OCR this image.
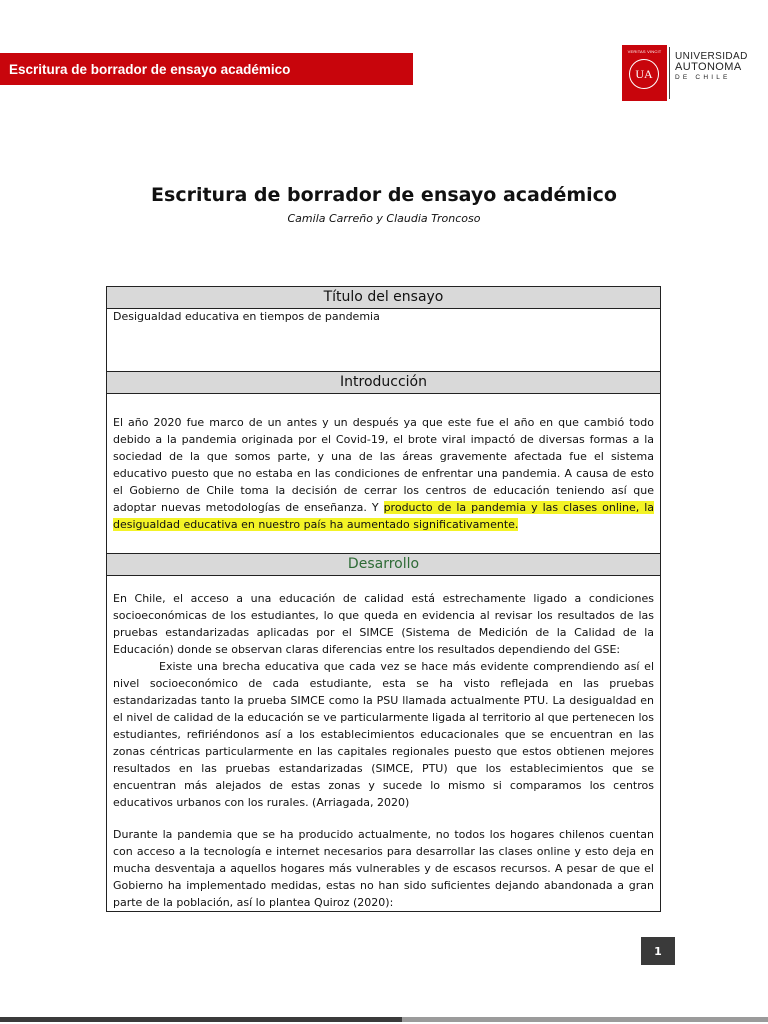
Escritura de borrador de ensayo académico
VERITAS VINCIT
UA
UNIVERSIDAD
AUTONOMA
DE CHILE
Escritura de borrador de ensayo académico
Camila Carreño y Claudia Troncoso
Título del ensayo
Desigualdad educativa en tiempos de pandemia
Introducción

El año 2020 fue marco de un antes y un después ya que este fue el año en que cambió todo debido a la pandemia originada por el Covid-19, el brote viral impactó de diversas formas a la sociedad de la que somos parte, y una de las áreas gravemente afectada fue el sistema educativo puesto que no estaba en las condiciones de enfrentar una pandemia. A causa de esto el Gobierno de Chile toma la decisión de cerrar los centros de educación teniendo así que adoptar nuevas metodologías de enseñanza. Y producto de la pandemia y las clases online, la desigualdad educativa en nuestro país ha aumentado significativamente.

Desarrollo

En Chile, el acceso a una educación de calidad está estrechamente ligado a condiciones socioeconómicas de los estudiantes, lo que queda en evidencia al revisar los resultados de las pruebas estandarizadas aplicadas por el SIMCE (Sistema de Medición de la Calidad de la Educación) donde se observan claras diferencias entre los resultados dependiendo del GSE:

Existe una brecha educativa que cada vez se hace más evidente comprendiendo así el nivel socioeconómico de cada estudiante, esta se ha visto reflejada en las pruebas estandarizadas tanto la prueba SIMCE como la PSU llamada actualmente PTU. La desigualdad en el nivel de calidad de la educación se ve particularmente ligada al territorio al que pertenecen los estudiantes, refiriéndonos así a los establecimientos educacionales que se encuentran en las zonas céntricas particularmente en las capitales regionales puesto que estos obtienen mejores resultados en las pruebas estandarizadas (SIMCE, PTU) que los establecimientos que se encuentran más alejados de estas zonas y sucede lo mismo si comparamos los centros educativos urbanos con los rurales. (Arriagada, 2020)

Durante la pandemia que se ha producido actualmente, no todos los hogares chilenos cuentan con acceso a la tecnología e internet necesarios para desarrollar las clases online y esto deja en mucha desventaja a aquellos hogares más vulnerables y de escasos recursos. A pesar de que el Gobierno ha implementado medidas, estas no han sido suficientes dejando abandonada a gran parte de la población, así lo plantea Quiroz (2020):

1
